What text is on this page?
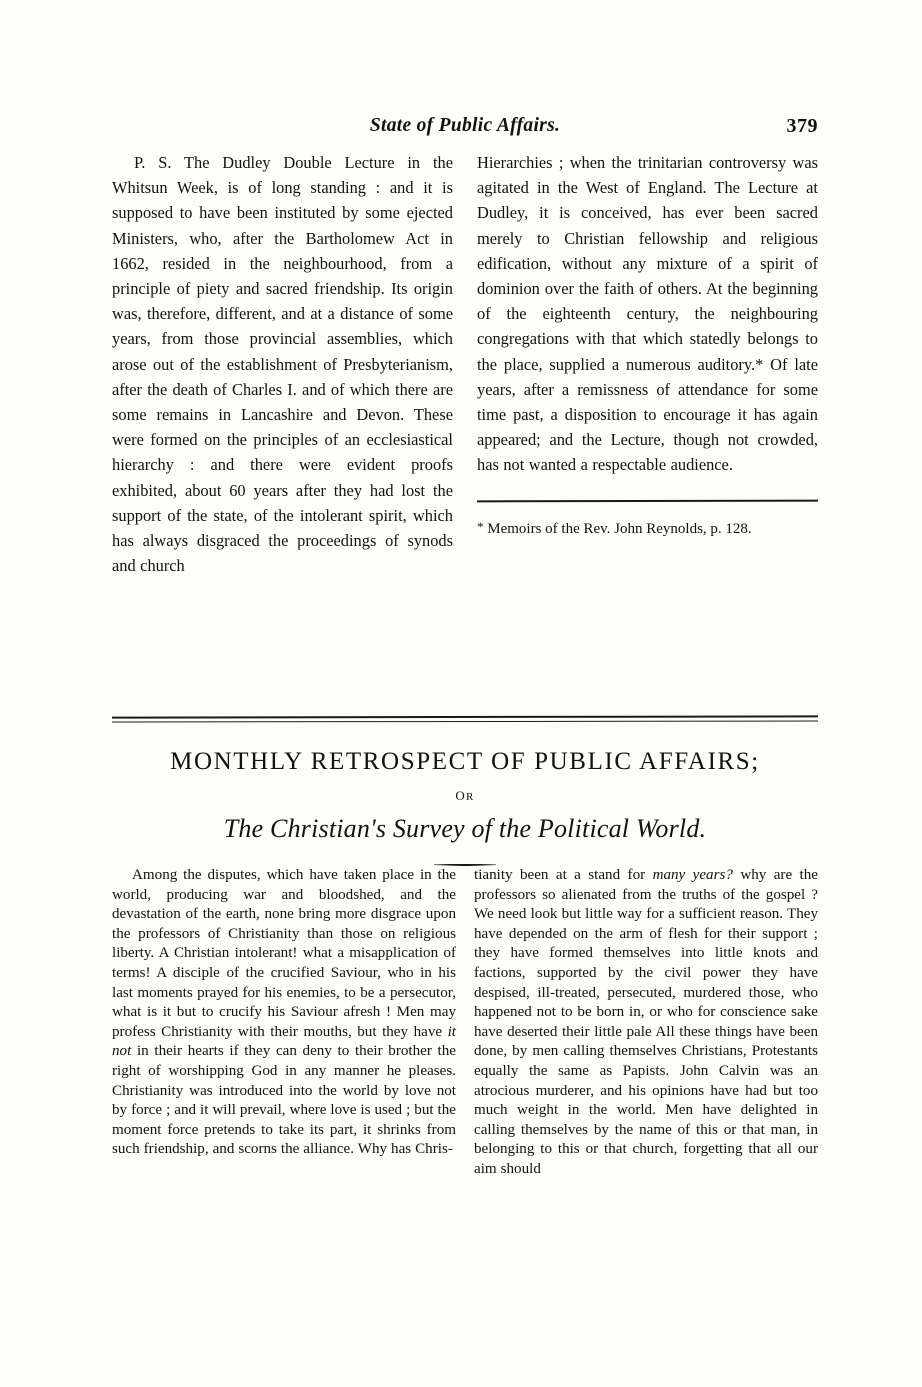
State of Public Affairs.	379

P. S. The Dudley Double Lecture in the Whitsun Week, is of long standing : and it is supposed to have been instituted by some ejected Ministers, who, after the Bartholomew Act in 1662, resided in the neighbourhood, from a principle of piety and sacred friendship. Its origin was, therefore, different, and at a distance of some years, from those provincial assemblies, which arose out of the establishment of Presbyterianism, after the death of Charles I. and of which there are some remains in Lancashire and Devon. These were formed on the principles of an ecclesiastical hierarchy : and there were evident proofs exhibited, about 60 years after they had lost the support of the state, of the intolerant spirit, which has always disgraced the proceedings of synods and church

Hierarchies ; when the trinitarian controversy was agitated in the West of England. The Lecture at Dudley, it is conceived, has ever been sacred merely to Christian fellowship and religious edification, without any mixture of a spirit of dominion over the faith of others. At the beginning of the eighteenth century, the neighbouring congregations with that which statedly belongs to the place, supplied a numerous auditory.* Of late years, after a remissness of attendance for some time past, a disposition to encourage it has again appeared; and the Lecture, though not crowded, has not wanted a respectable audience.

* Memoirs of the Rev. John Reynolds, p. 128.

MONTHLY RETROSPECT OF PUBLIC AFFAIRS;
OR
The Christian's Survey of the Political World.

Among the disputes, which have taken place in the world, producing war and bloodshed, and the devastation of the earth, none bring more disgrace upon the professors of Christianity than those on religious liberty. A Christian intolerant! what a misapplication of terms! A disciple of the crucified Saviour, who in his last moments prayed for his enemies, to be a persecutor, what is it but to crucify his Saviour afresh ! Men may profess Christianity with their mouths, but they have it not in their hearts if they can deny to their brother the right of worshipping God in any manner he pleases. Christianity was introduced into the world by love not by force ; and it will prevail, where love is used ; but the moment force pretends to take its part, it shrinks from such friendship, and scorns the alliance. Why has Chris-

tianity been at a stand for many years? why are the professors so alienated from the truths of the gospel ? We need look but little way for a sufficient reason. They have depended on the arm of flesh for their support ; they have formed themselves into little knots and factions, supported by the civil power they have despised, ill-treated, persecuted, murdered those, who happened not to be born in, or who for conscience sake have deserted their little pale All these things have been done, by men calling themselves Christians, Protestants equally the same as Papists. John Calvin was an atrocious murderer, and his opinions have had but too much weight in the world. Men have delighted in calling themselves by the name of this or that man, in belonging to this or that church, forgetting that all our aim should
